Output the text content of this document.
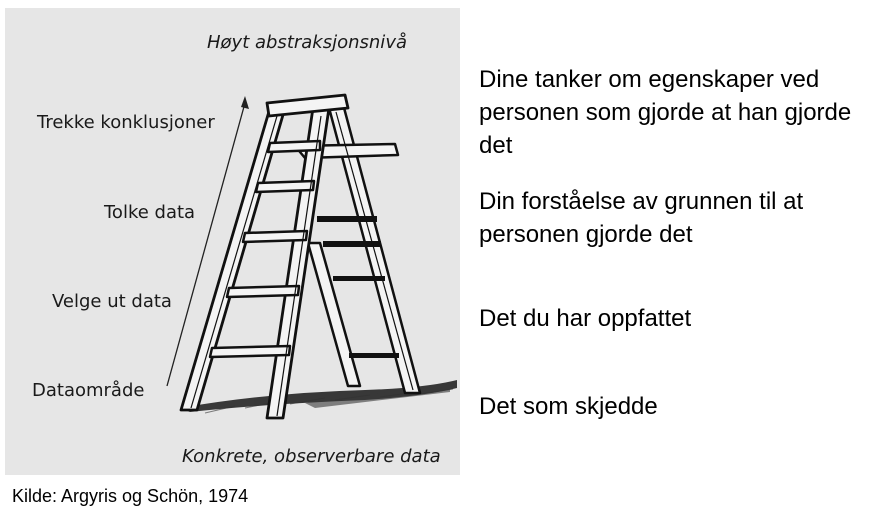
Høyt abstraksjonsnivå
Trekke konklusjoner
Tolke data
Velge ut data
Dataområde
Konkrete, observerbare data
Dine tanker om egenskaper ved personen som gjorde at han gjorde det
Din forståelse av grunnen til at personen gjorde det
Det du har oppfattet
Det som skjedde
Kilde: Argyris og Schön, 1974
